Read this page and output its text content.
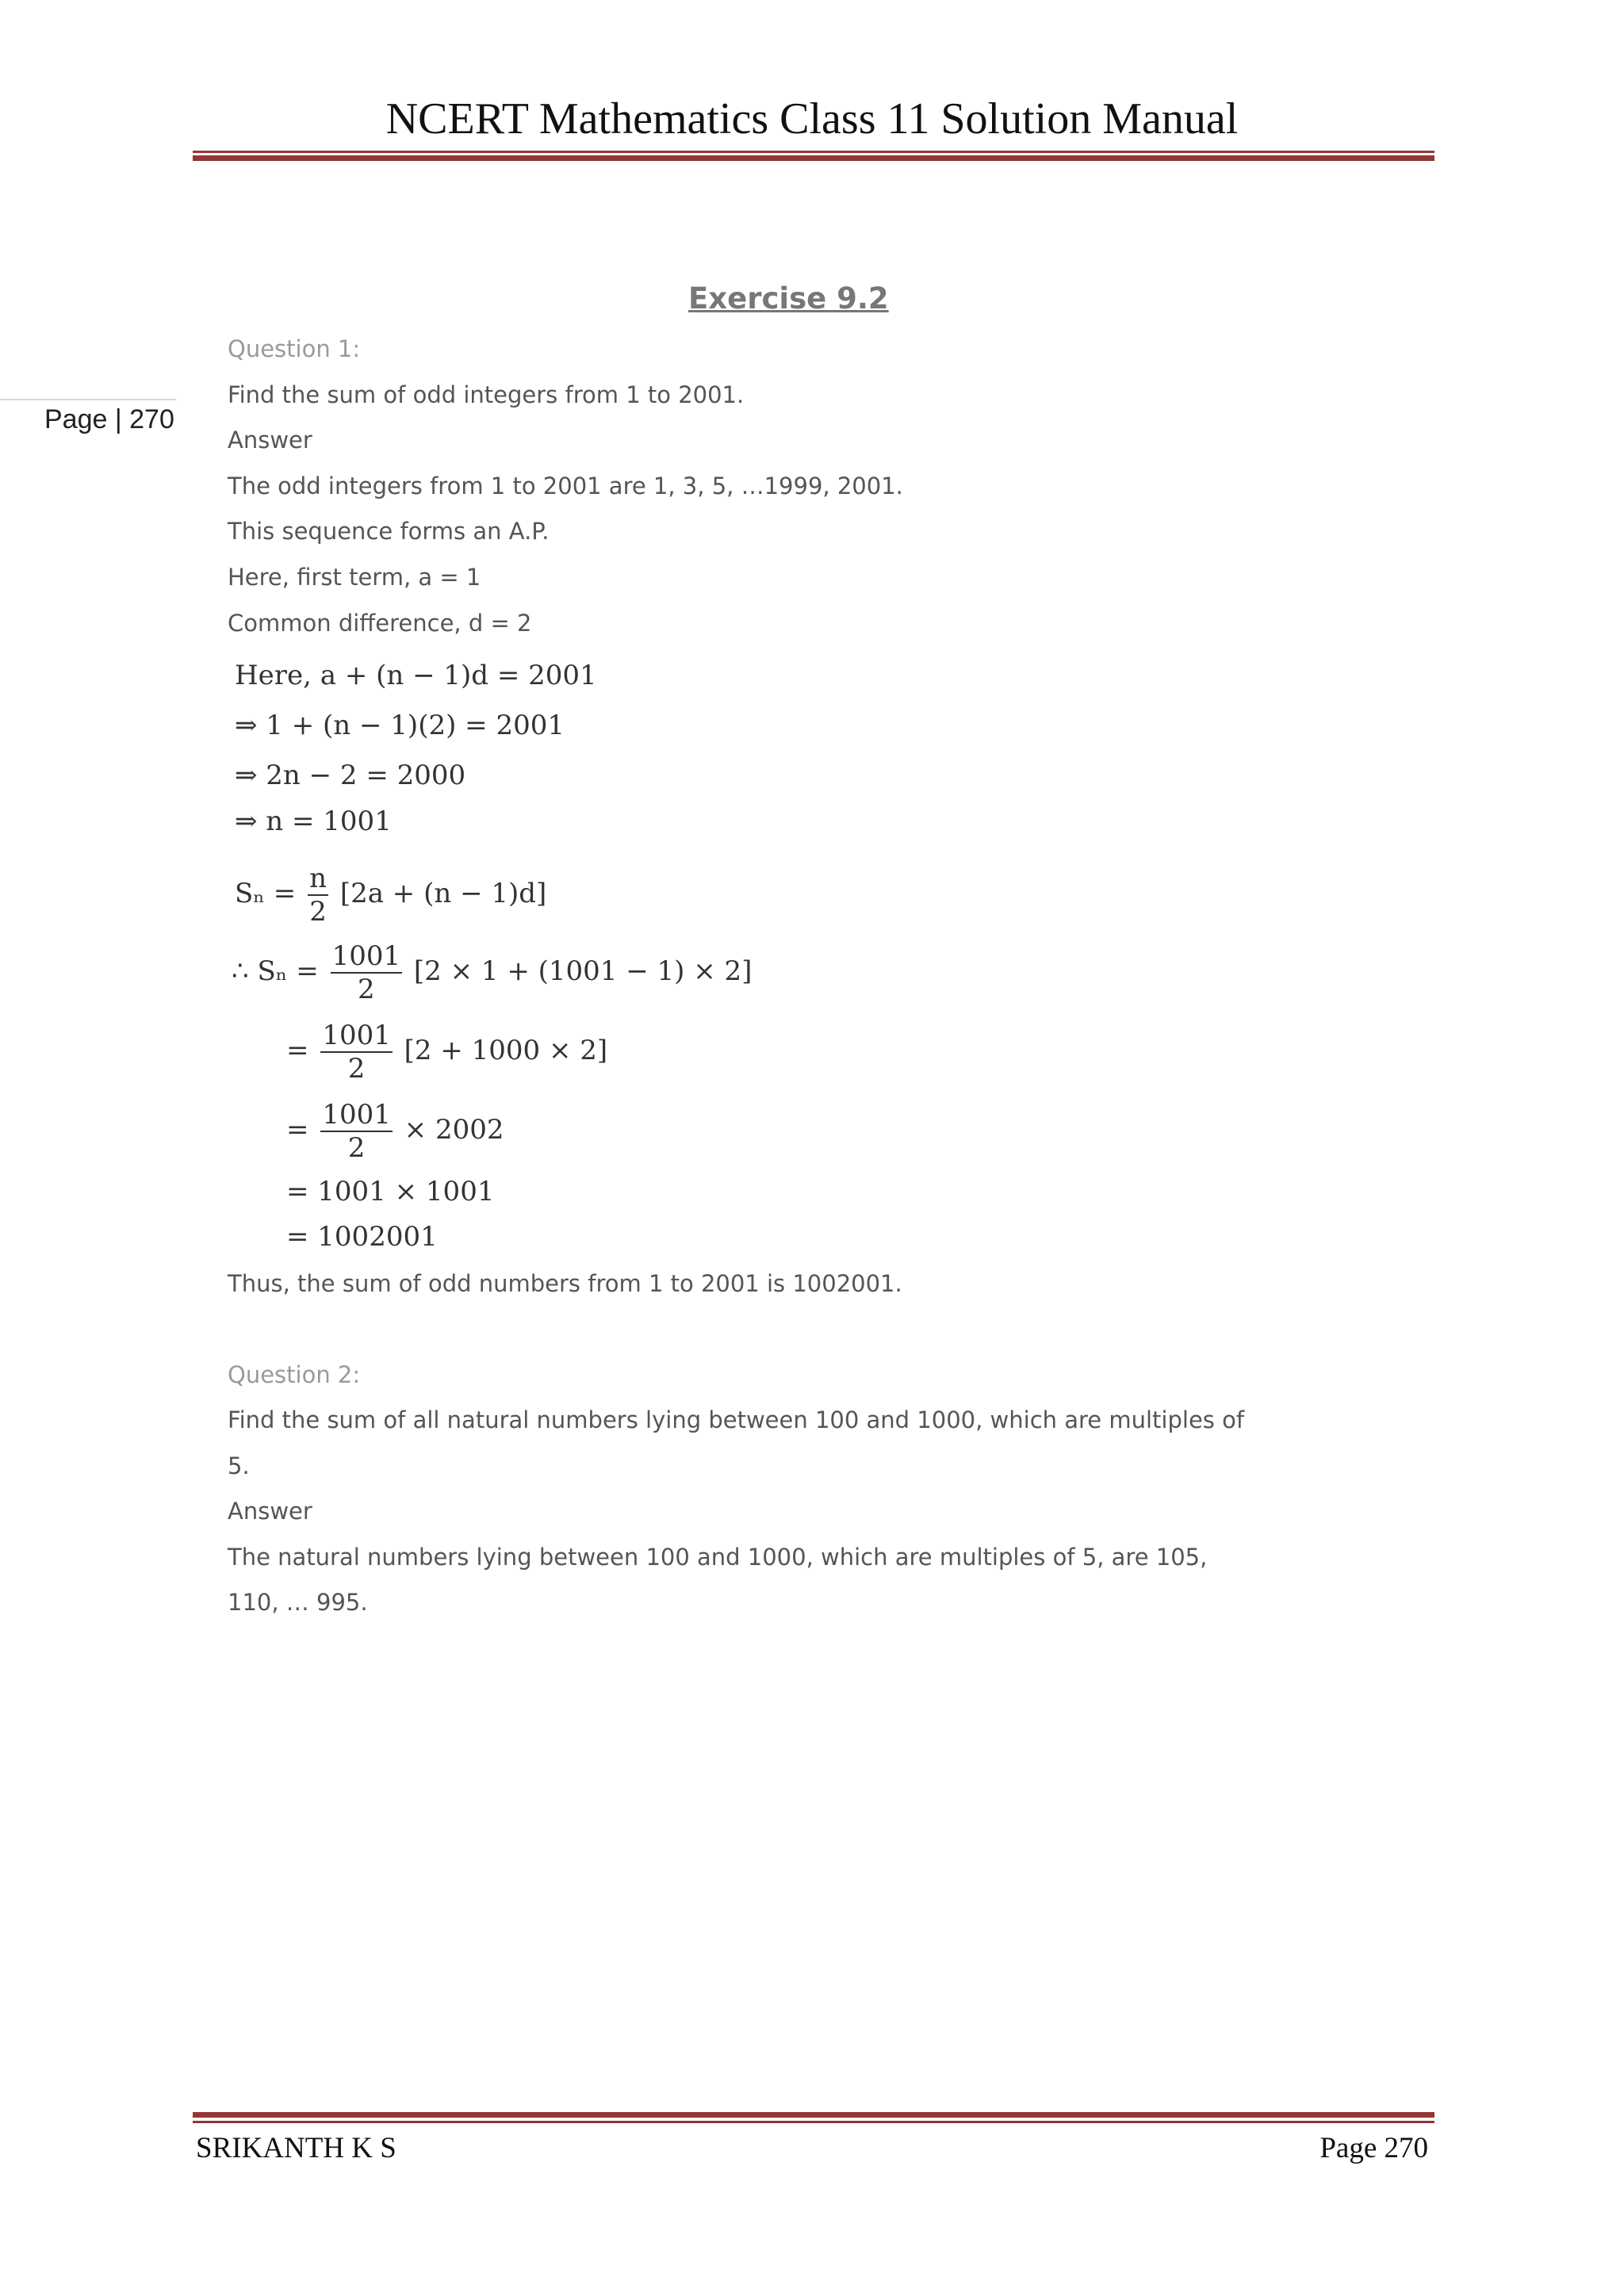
NCERT Mathematics Class 11 Solution Manual
Page | 270
Exercise 9.2
Question 1:
Find the sum of odd integers from 1 to 2001.
Answer
The odd integers from 1 to 2001 are 1, 3, 5, …1999, 2001.
This sequence forms an A.P.
Here, first term, a = 1
Common difference, d = 2
Here, a + (n − 1)d = 2001
⇒ 1 + (n − 1)(2) = 2001
⇒ 2n − 2 = 2000
⇒ n = 1001
$S_n = \frac{n}{2} [2a + (n - 1)d]$
∴ $S_n = \frac{1001}{2} [2 \times 1 + (1001 - 1) \times 2]$
= $\frac{1001}{2} [2 + 1000 \times 2]$
= $\frac{1001}{2} \times 2002$
= 1001 × 1001
= 1002001
Thus, the sum of odd numbers from 1 to 2001 is 1002001.
Question 2:
Find the sum of all natural numbers lying between 100 and 1000, which are multiples of
5.
Answer
The natural numbers lying between 100 and 1000, which are multiples of 5, are 105,
110, … 995.
SRIKANTH K S	Page 270
